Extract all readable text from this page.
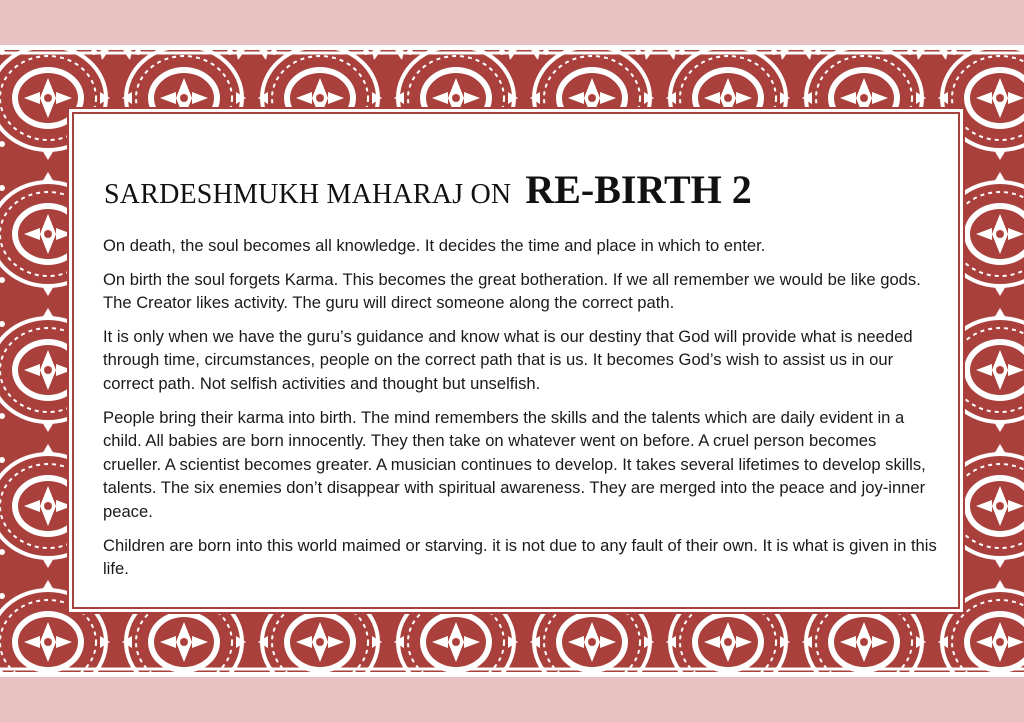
SARDESHMUKH MAHARAJ ON RE-BIRTH 2

On death, the soul becomes all knowledge. It decides the time and place in which to enter.

On birth the soul forgets Karma. This becomes the great botheration. If we all remember we would be like gods. The Creator likes activity. The guru will direct someone along the correct path.

It is only when we have the guru’s guidance and know what is our destiny that God will provide what is needed through time, circumstances, people on the correct path that is us. It becomes God’s wish to assist us in our correct path. Not selfish activities and thought but unselfish.

People bring their karma into birth. The mind remembers the skills and the talents which are daily evident in a child. All babies are born innocently. They then take on whatever went on before. A cruel person becomes crueller. A scientist becomes greater. A musician continues to develop. It takes several lifetimes to develop skills, talents. The six enemies don’t disappear with spiritual awareness. They are merged into the peace and joy-inner peace.

Children are born into this world maimed or starving. it is not due to any fault of their own. It is what is given in this life.
